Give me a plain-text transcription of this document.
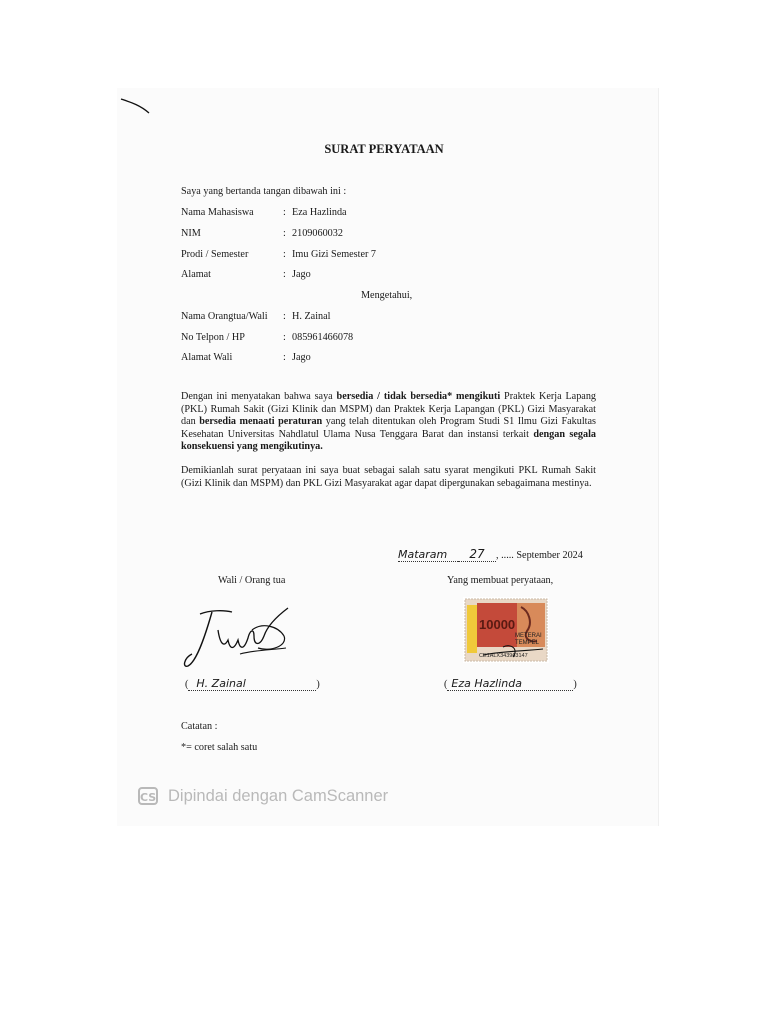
SURAT PERYATAAN
Saya yang bertanda tangan dibawah ini :
Nama Mahasiswa	: Eza Hazlinda
NIM	: 2109060032
Prodi / Semester	: Imu Gizi Semester 7
Alamat	: Jago
Mengetahui,
Nama Orangtua/Wali : H. Zainal
No Telpon / HP	: 085961466078
Alamat Wali	: Jago
Dengan ini menyatakan bahwa saya bersedia / tidak bersedia* mengikuti Praktek Kerja Lapang (PKL) Rumah Sakit (Gizi Klinik dan MSPM) dan Praktek Kerja Lapangan (PKL) Gizi Masyarakat dan bersedia menaati peraturan yang telah ditentukan oleh Program Studi S1 Ilmu Gizi Fakultas Kesehatan Universitas Nahdlatul Ulama Nusa Tenggara Barat dan instansi terkait dengan segala konsekuensi yang mengikutinya.
Demikianlah surat peryataan ini saya buat sebagai salah satu syarat mengikuti PKL Rumah Sakit (Gizi Klinik dan MSPM) dan PKL Gizi Masyarakat agar dapat dipergunakan sebagaimana mestinya.
Mataram 27 , ..... September 2024
Wali / Orang tua	Yang membuat peryataan,
10000
METERAI
TEMPEL
CE1ALX343963147
( H. Zainal	)	( Eza Hazlinda	)
Catatan :
*= coret salah satu
CS Dipindai dengan CamScanner
